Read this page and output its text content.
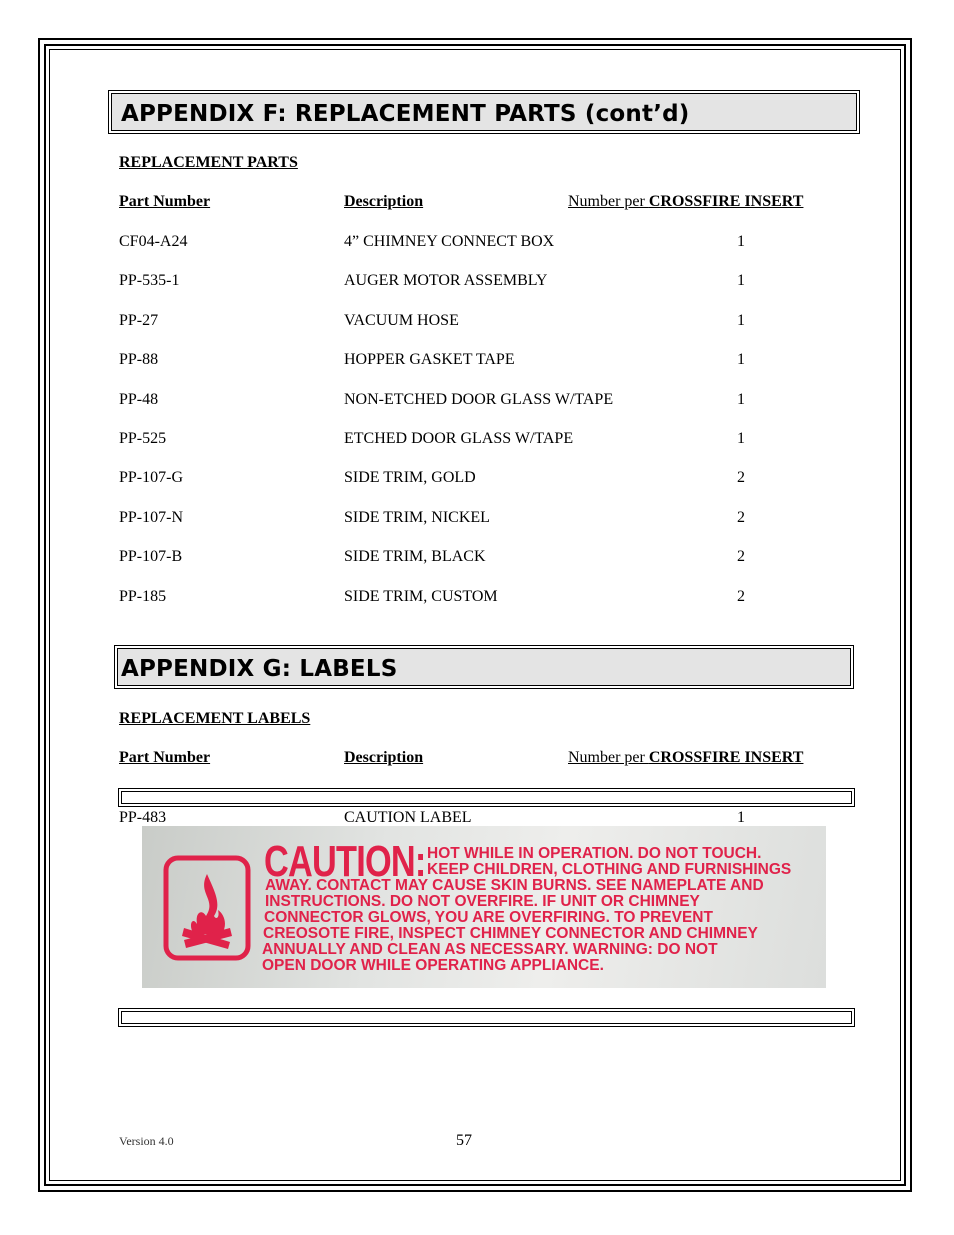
APPENDIX F: REPLACEMENT PARTS (cont’d)
REPLACEMENT PARTS
Part Number	Description	Number per CROSSFIRE INSERT
CF04-A24	4” CHIMNEY CONNECT BOX	1
PP-535-1	AUGER MOTOR ASSEMBLY	1
PP-27	VACUUM HOSE	1
PP-88	HOPPER GASKET TAPE	1
PP-48	NON-ETCHED DOOR GLASS W/TAPE	1
PP-525	ETCHED DOOR GLASS W/TAPE	1
PP-107-G	SIDE TRIM, GOLD	2
PP-107-N	SIDE TRIM, NICKEL	2
PP-107-B	SIDE TRIM, BLACK	2
PP-185	SIDE TRIM, CUSTOM	2
APPENDIX G: LABELS
REPLACEMENT LABELS
Part Number	Description	Number per CROSSFIRE INSERT
PP-483	CAUTION LABEL	1
CAUTION: HOT WHILE IN OPERATION. DO NOT TOUCH.
KEEP CHILDREN, CLOTHING AND FURNISHINGS
AWAY. CONTACT MAY CAUSE SKIN BURNS. SEE NAMEPLATE AND
INSTRUCTIONS. DO NOT OVERFIRE. IF UNIT OR CHIMNEY
CONNECTOR GLOWS, YOU ARE OVERFIRING. TO PREVENT
CREOSOTE FIRE, INSPECT CHIMNEY CONNECTOR AND CHIMNEY
ANNUALLY AND CLEAN AS NECESSARY. WARNING: DO NOT
OPEN DOOR WHILE OPERATING APPLIANCE.
Version 4.0	57
